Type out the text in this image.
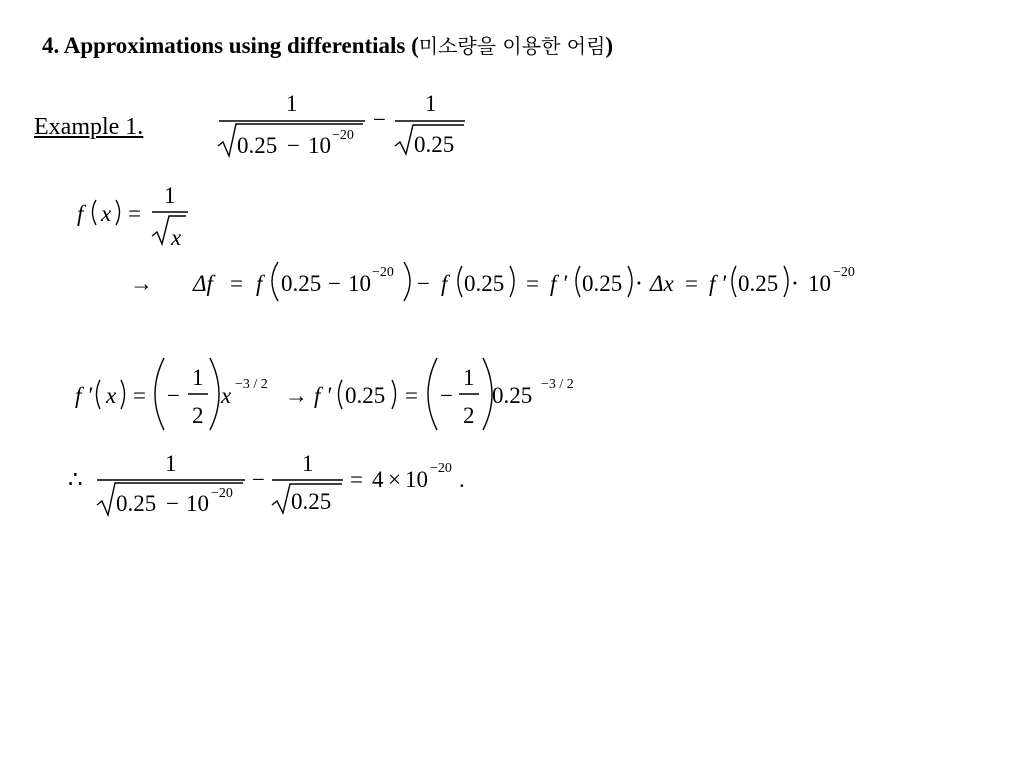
4. Approximations using differentials (미소량을 이용한 어림)
Example 1.
1
0.25 − 10 −20
−
1
0.25
f x =
1
x
→ Δf = f 0.25 − 10 −20 − f 0.25 = f ′ 0.25 ⋅ Δx = f ′ 0.25 ⋅ 10 −20
f ′ x = −
1
2
x −3 / 2 → f ′ 0.25 = −
1
2
0.25 −3 / 2
∴
1
0.25 − 10 −20
−
1
0.25
= 4 × 10 −20 .
